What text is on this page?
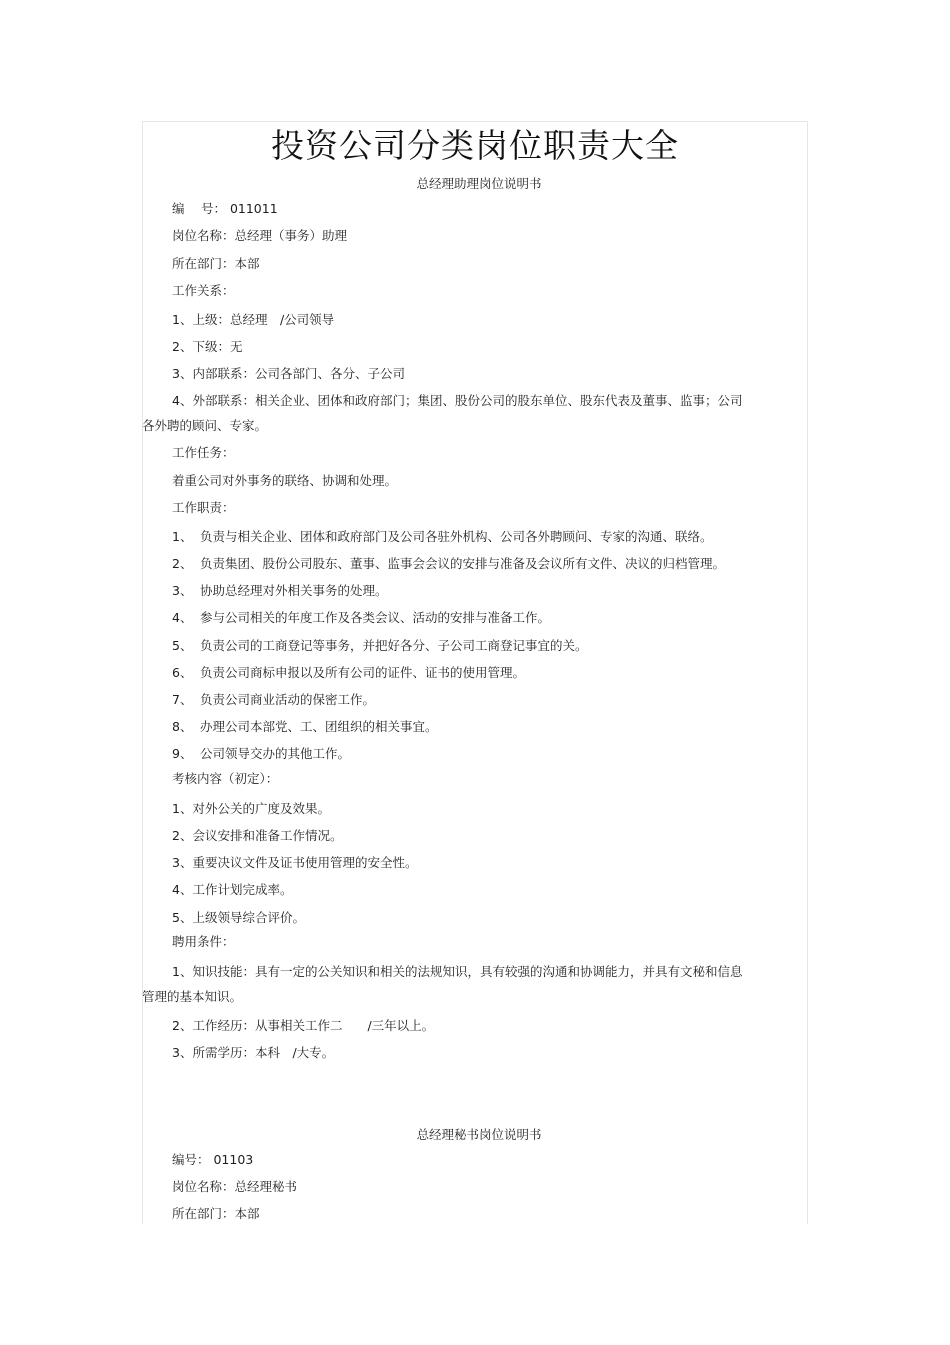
投资公司分类岗位职责大全
总经理助理岗位说明书
编　 号： 011011
岗位名称：总经理（事务）助理
所在部门：本部
工作关系：
1、上级：总经理　/公司领导
2、下级：无
3、内部联系：公司各部门、各分、子公司
4、外部联系：相关企业、团体和政府部门；集团、股份公司的股东单位、股东代表及董事、监事；公司各外聘的顾问、专家。
工作任务：
着重公司对外事务的联络、协调和处理。
工作职责：
1、 负责与相关企业、团体和政府部门及公司各驻外机构、公司各外聘顾问、专家的沟通、联络。
2、 负责集团、股份公司股东、董事、监事会会议的安排与准备及会议所有文件、决议的归档管理。
3、 协助总经理对外相关事务的处理。
4、 参与公司相关的年度工作及各类会议、活动的安排与准备工作。
5、 负责公司的工商登记等事务，并把好各分、子公司工商登记事宜的关。
6、 负责公司商标申报以及所有公司的证件、证书的使用管理。
7、 负责公司商业活动的保密工作。
8、 办理公司本部党、工、团组织的相关事宜。
9、 公司领导交办的其他工作。
考核内容（初定）：
1、对外公关的广度及效果。
2、会议安排和准备工作情况。
3、重要决议文件及证书使用管理的安全性。
4、工作计划完成率。
5、上级领导综合评价。
聘用条件：
1、知识技能：具有一定的公关知识和相关的法规知识，具有较强的沟通和协调能力，并具有文秘和信息管理的基本知识。
2、工作经历：从事相关工作二　　/三年以上。
3、所需学历：本科　/大专。
总经理秘书岗位说明书
编号： 01103
岗位名称：总经理秘书
所在部门：本部
